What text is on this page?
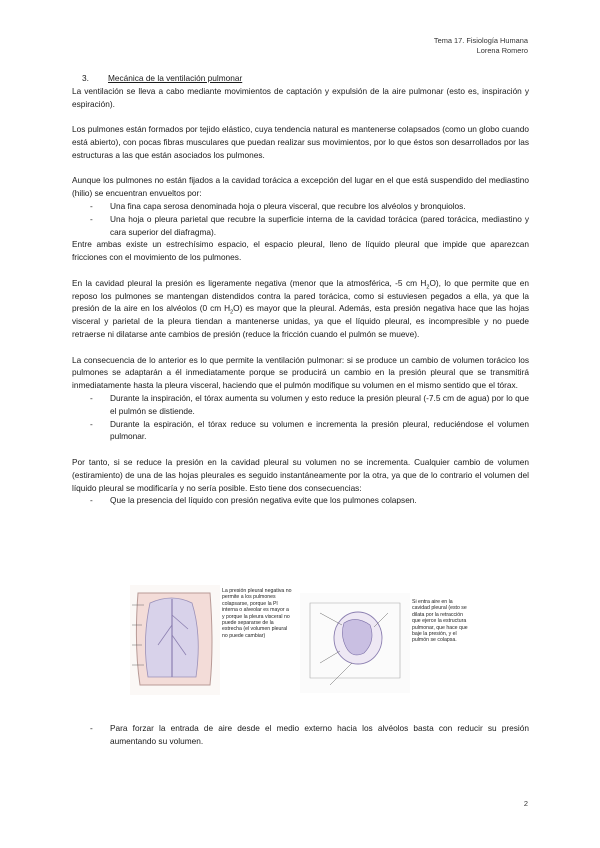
Tema 17. Fisiología Humana
Lorena Romero
3. Mecánica de la ventilación pulmonar

La ventilación se lleva a cabo mediante movimientos de captación y expulsión de la aire pulmonar (esto es, inspiración y espiración).

Los pulmones están formados por tejido elástico, cuya tendencia natural es mantenerse colapsados (como un globo cuando está abierto), con pocas fibras musculares que puedan realizar sus movimientos, por lo que éstos son desarrollados por las estructuras a las que están asociados los pulmones.

Aunque los pulmones no están fijados a la cavidad torácica a excepción del lugar en el que está suspendido del mediastino (hilio) se encuentran envueltos por:

- Una fina capa serosa denominada hoja o pleura visceral, que recubre los alvéolos y bronquiolos.
- Una hoja o pleura parietal que recubre la superficie interna de la cavidad torácica (pared torácica, mediastino y cara superior del diafragma).

Entre ambas existe un estrechísimo espacio, el espacio pleural, lleno de líquido pleural que impide que aparezcan fricciones con el movimiento de los pulmones.

En la cavidad pleural la presión es ligeramente negativa (menor que la atmosférica, -5 cm $H_2O$), lo que permite que en reposo los pulmones se mantengan distendidos contra la pared torácica, como si estuviesen pegados a ella, ya que la presión de la aire en los alvéolos (0 cm $H_2O$) es mayor que la pleural. Además, esta presión negativa hace que las hojas visceral y parietal de la pleura tiendan a mantenerse unidas, ya que el líquido pleural, es incompresible y no puede retraerse ni dilatarse ante cambios de presión (reduce la fricción cuando el pulmón se mueve).

La consecuencia de lo anterior es lo que permite la ventilación pulmonar: si se produce un cambio de volumen torácico los pulmones se adaptarán a él inmediatamente porque se producirá un cambio en la presión pleural que se transmitirá inmediatamente hasta la pleura visceral, haciendo que el pulmón modifique su volumen en el mismo sentido que el tórax.

- Durante la inspiración, el tórax aumenta su volumen y esto reduce la presión pleural (-7.5 cm de agua) por lo que el pulmón se distiende.
- Durante la espiración, el tórax reduce su volumen e incrementa la presión pleural, reduciéndose el volumen pulmonar.

Por tanto, si se reduce la presión en la cavidad pleural su volumen no se incrementa. Cualquier cambio de volumen (estiramiento) de una de las hojas pleurales es seguido instantáneamente por la otra, ya que de lo contrario el volumen del líquido pleural se modificaría y no sería posible. Esto tiene dos consecuencias:

- Que la presencia del líquido con presión negativa evite que los pulmones colapsen.
La presión pleural negativa no permite a los pulmones colapsarse, porque la Pl interna o alveolar es mayor a y porque la pleura visceral no puede separarse de la estrecha (el volumen pleural no puede cambiar)
Si entra aire en la cavidad pleural (esto se dilata por la retracción que ejerce la estructura pulmonar, que hace que baje la presión, y el pulmón se colapsa.
- Para forzar la entrada de aire desde el medio externo hacia los alvéolos basta con reducir su presión aumentando su volumen.
2
